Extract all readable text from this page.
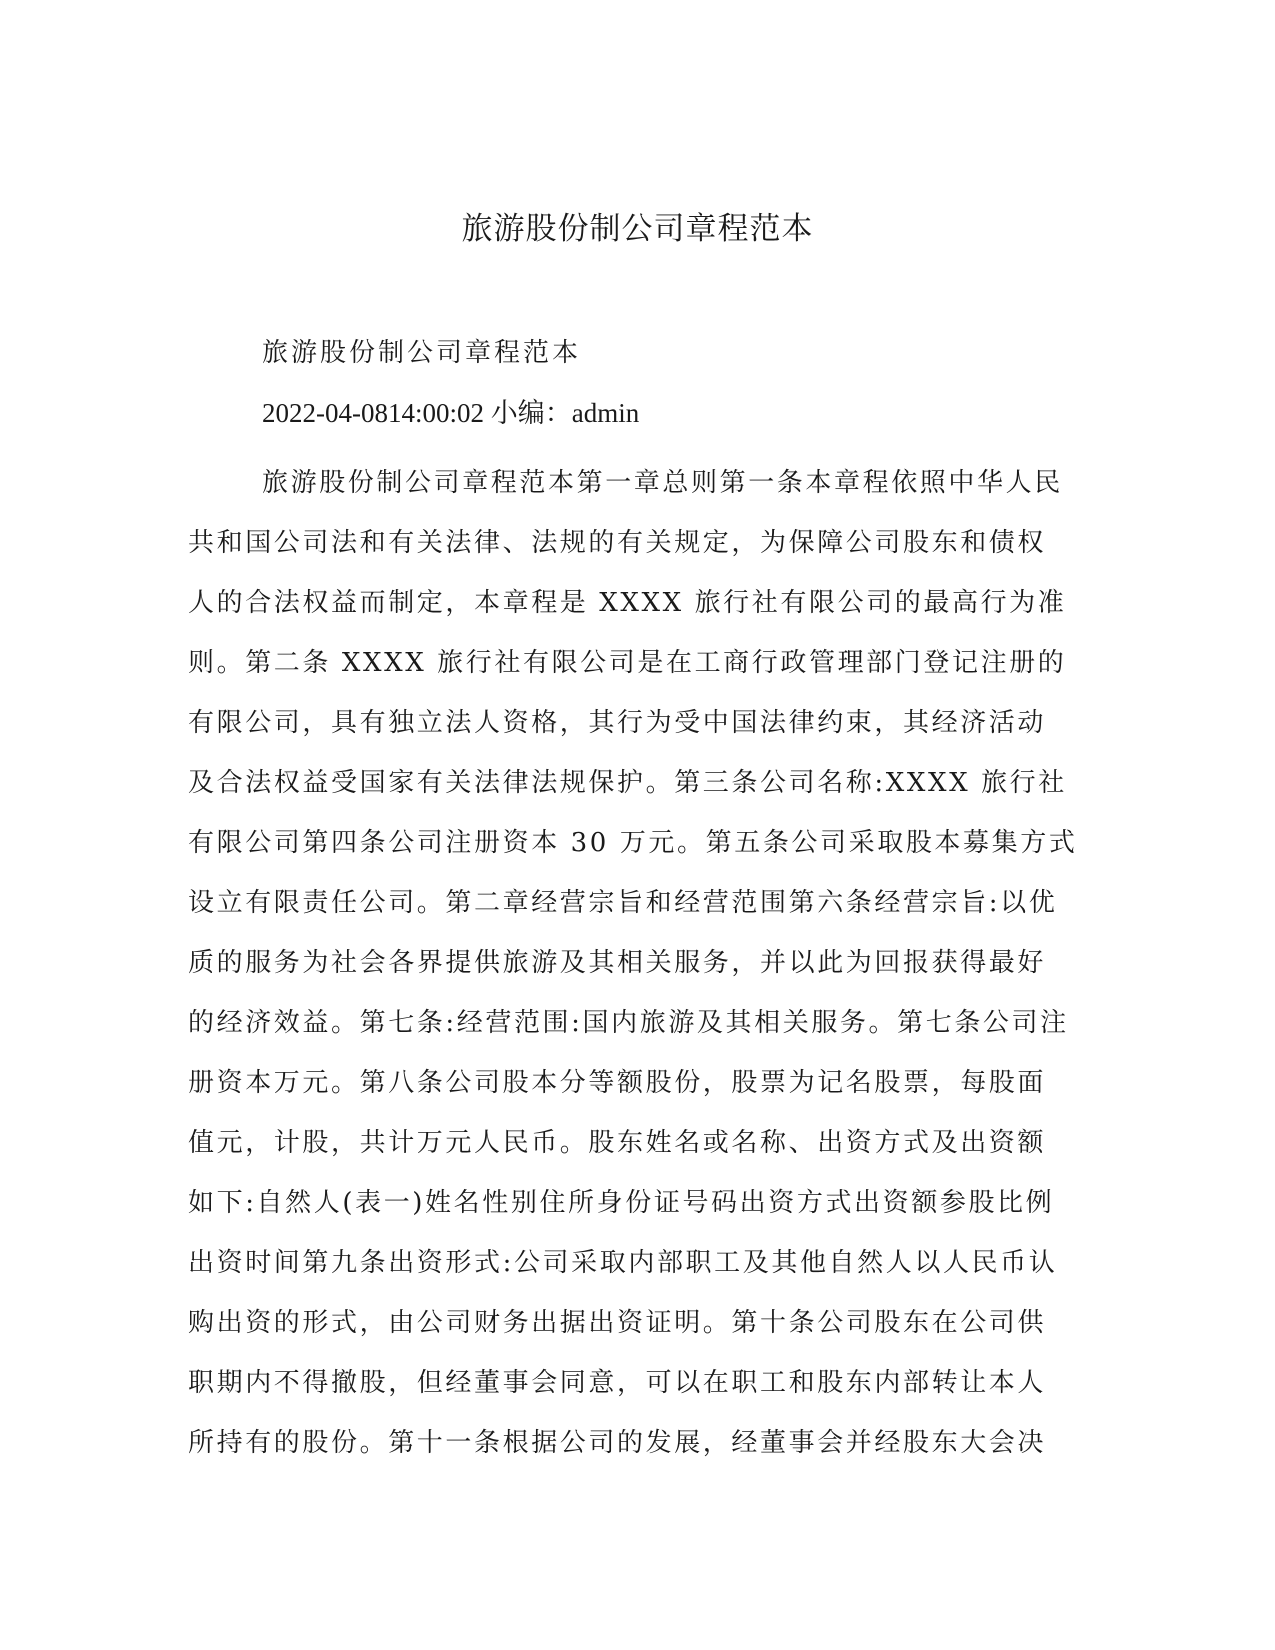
旅游股份制公司章程范本
旅游股份制公司章程范本
2022-04-0814:00:02 小编：admin
旅游股份制公司章程范本第一章总则第一条本章程依照中华人民
共和国公司法和有关法律、法规的有关规定，为保障公司股东和债权
人的合法权益而制定，本章程是 XXXX 旅行社有限公司的最高行为准
则。第二条 XXXX 旅行社有限公司是在工商行政管理部门登记注册的
有限公司，具有独立法人资格，其行为受中国法律约束，其经济活动
及合法权益受国家有关法律法规保护。第三条公司名称:XXXX 旅行社
有限公司第四条公司注册资本 30 万元。第五条公司采取股本募集方式
设立有限责任公司。第二章经营宗旨和经营范围第六条经营宗旨:以优
质的服务为社会各界提供旅游及其相关服务，并以此为回报获得最好
的经济效益。第七条:经营范围:国内旅游及其相关服务。第七条公司注
册资本万元。第八条公司股本分等额股份，股票为记名股票，每股面
值元，计股，共计万元人民币。股东姓名或名称、出资方式及出资额
如下:自然人(表一)姓名性别住所身份证号码出资方式出资额参股比例
出资时间第九条出资形式:公司采取内部职工及其他自然人以人民币认
购出资的形式，由公司财务出据出资证明。第十条公司股东在公司供
职期内不得撤股，但经董事会同意，可以在职工和股东内部转让本人
所持有的股份。第十一条根据公司的发展，经董事会并经股东大会决
